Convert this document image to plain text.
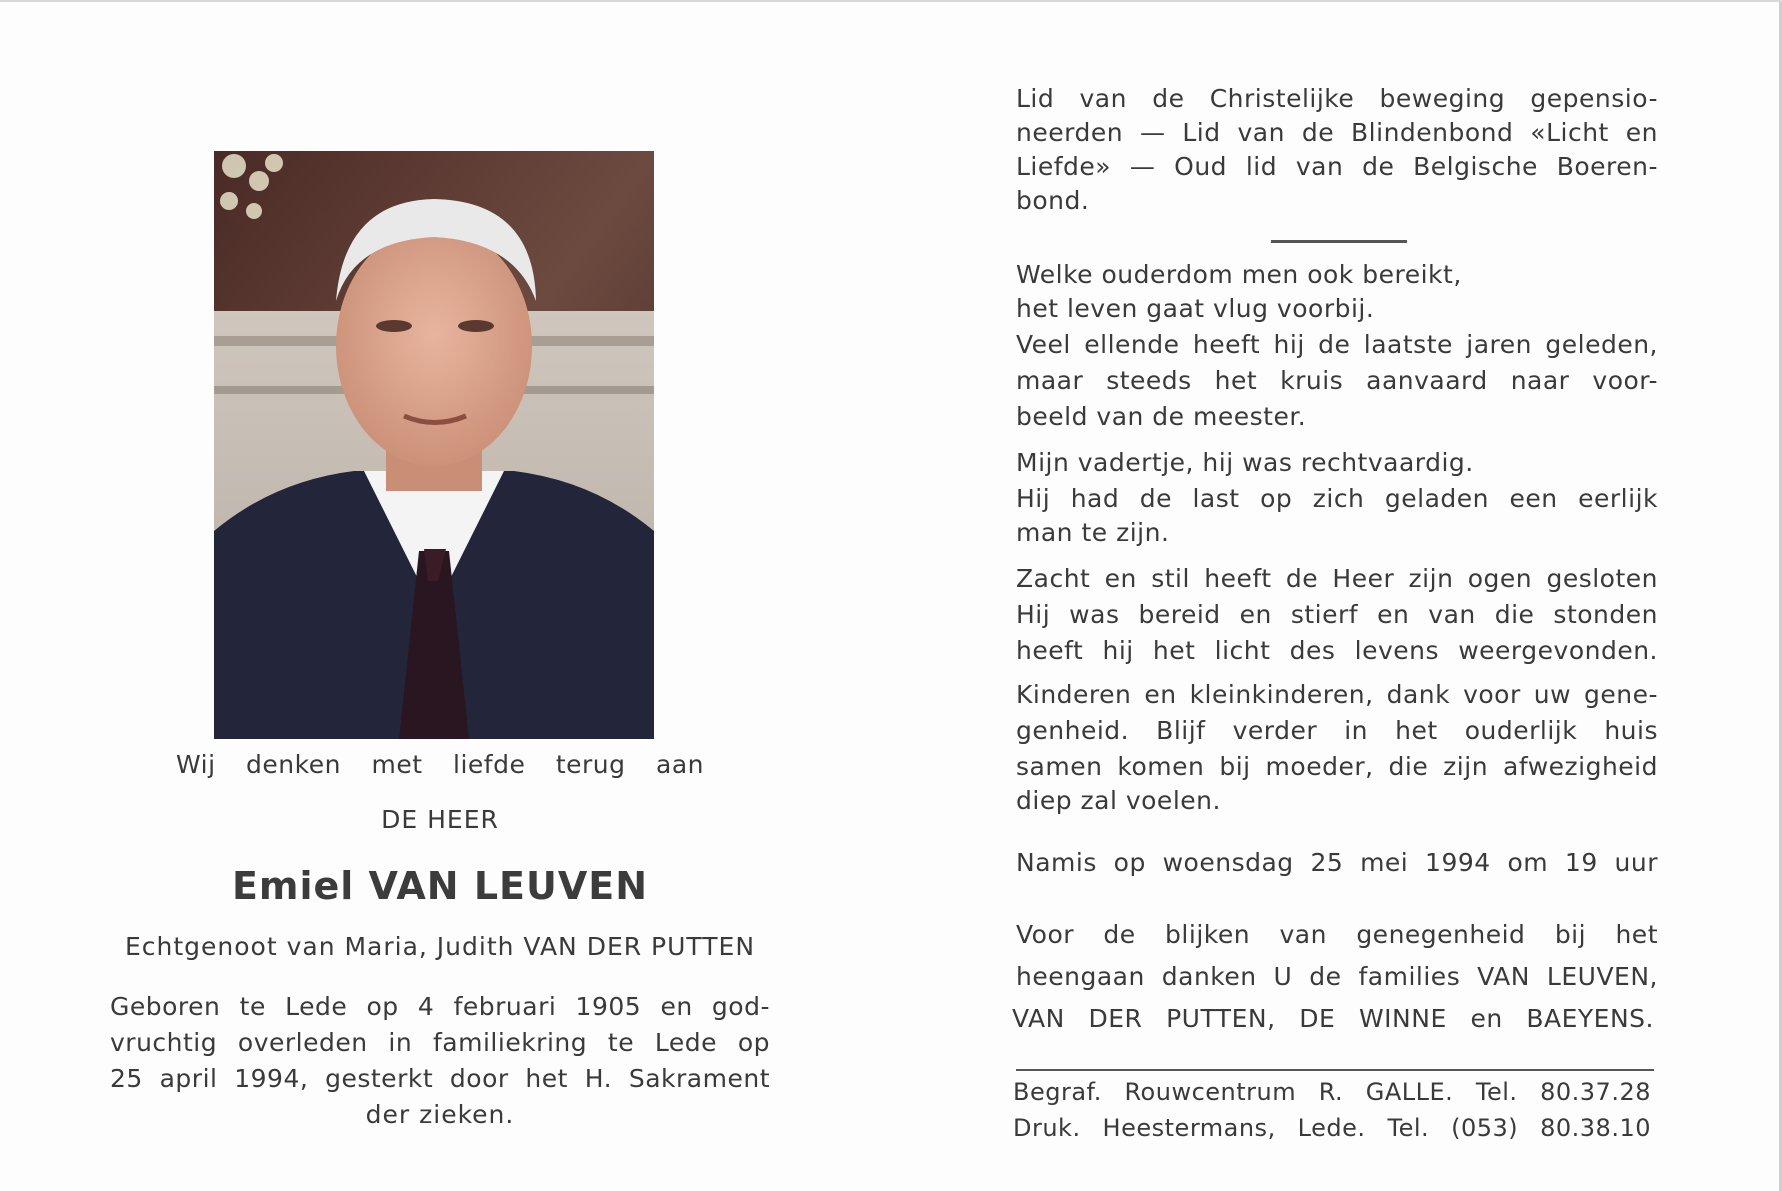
Wij denken met liefde terug aan
DE HEER
Emiel VAN LEUVEN
Echtgenoot van Maria, Judith VAN DER PUTTEN
Geboren te Lede op 4 februari 1905 en god-
vruchtig overleden in familiekring te Lede op
25 april 1994, gesterkt door het H. Sakrament
der zieken.
Lid van de Christelijke beweging gepensio-
neerden — Lid van de Blindenbond «Licht en
Liefde» — Oud lid van de Belgische Boeren-
bond.
Welke ouderdom men ook bereikt,
het leven gaat vlug voorbij.
Veel ellende heeft hij de laatste jaren geleden,
maar steeds het kruis aanvaard naar voor-
beeld van de meester.
Mijn vadertje, hij was rechtvaardig.
Hij had de last op zich geladen een eerlijk
man te zijn.
Zacht en stil heeft de Heer zijn ogen gesloten
Hij was bereid en stierf en van die stonden
heeft hij het licht des levens weergevonden.
Kinderen en kleinkinderen, dank voor uw gene-
genheid. Blijf verder in het ouderlijk huis
samen komen bij moeder, die zijn afwezigheid
diep zal voelen.
Namis op woensdag 25 mei 1994 om 19 uur
Voor de blijken van genegenheid bij het
heengaan danken U de families VAN LEUVEN,
VAN DER PUTTEN, DE WINNE en BAEYENS.
Begraf. Rouwcentrum R. GALLE. Tel. 80.37.28
Druk. Heestermans, Lede. Tel. (053) 80.38.10
